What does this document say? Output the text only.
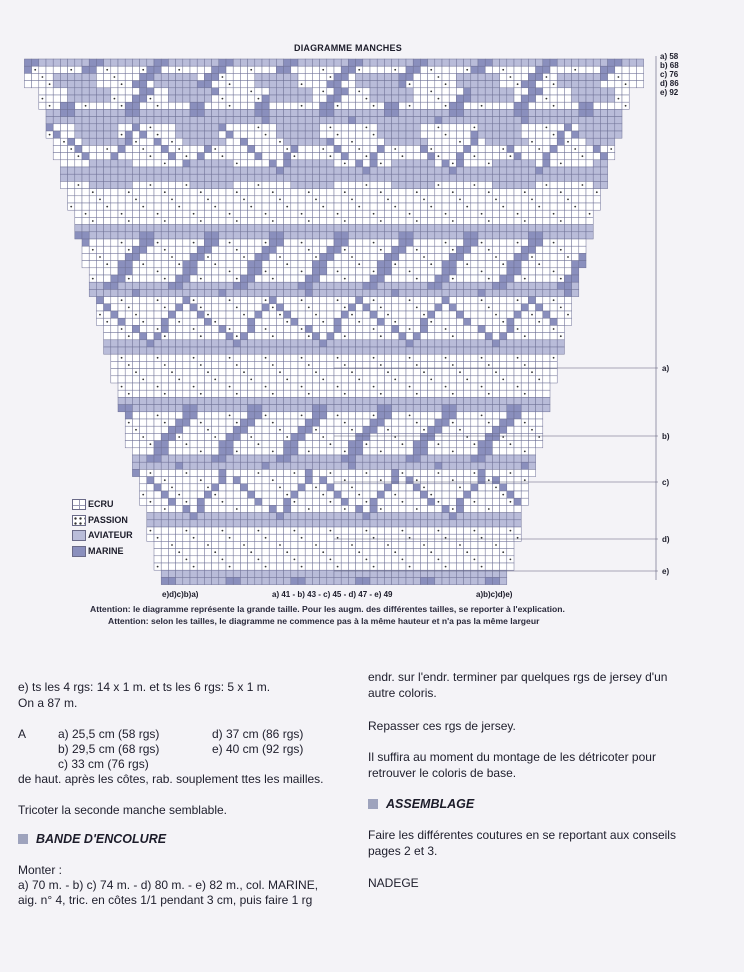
DIAGRAMME MANCHES
a) 58
b) 68
c) 76
d) 86
e) 92
a)
b)
c)
d)
e)
ECRU
PASSION
AVIATEUR
MARINE
e)d)c)b)a)	a) 41 - b) 43 - c) 45 - d) 47 - e) 49	a)b)c)d)e)
Attention: le diagramme représente la grande taille. Pour les augm. des différentes tailles, se reporter à l'explication.
Attention: selon les tailles, le diagramme ne commence pas à la même hauteur et n'a pas la même largeur
e) ts les 4 rgs: 14 x 1 m. et ts les 6 rgs: 5 x 1 m.
On a 87 m.
A	a) 25,5 cm (58 rgs)
b) 29,5 cm (68 rgs)
c) 33 cm (76 rgs)
d) 37 cm (86 rgs)
e) 40 cm (92 rgs)
de haut. après les côtes, rab. souplement ttes les mailles.
Tricoter la seconde manche semblable.
BANDE D'ENCOLURE
Monter :
a) 70 m. - b) c) 74 m. - d) 80 m. - e) 82 m., col. MARINE,
aig. n° 4, tric. en côtes 1/1 pendant 3 cm, puis faire 1 rg
endr. sur l'endr. terminer par quelques rgs de jersey d'un
autre coloris.
Repasser ces rgs de jersey.
Il suffira au moment du montage de les détricoter pour
retrouver le coloris de base.
ASSEMBLAGE
Faire les différentes coutures en se reportant aux conseils
pages 2 et 3.
NADEGE
